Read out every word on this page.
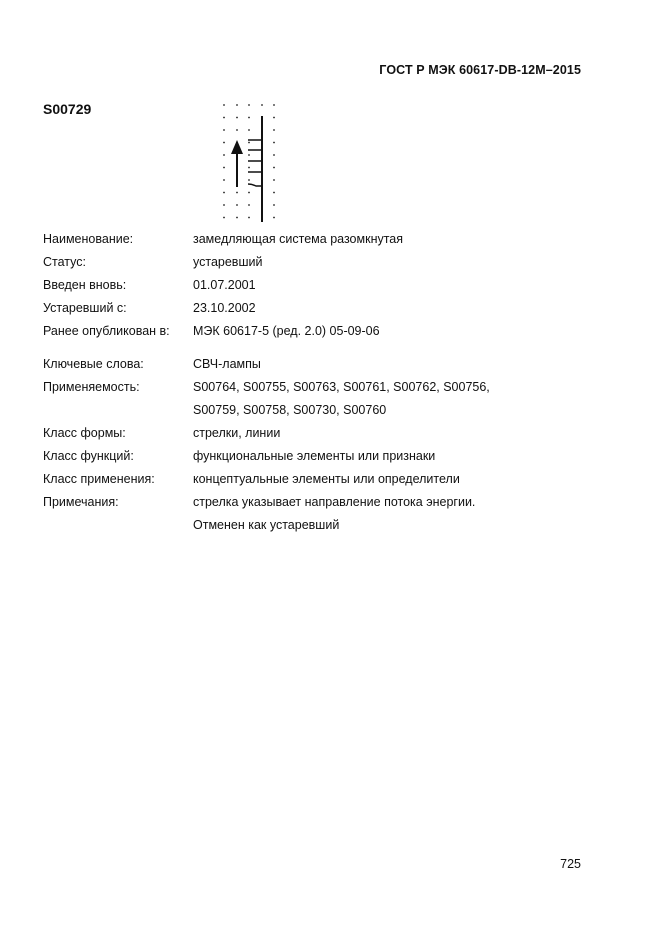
ГОСТ Р МЭК 60617-DB-12M–2015
S00729
Наименование:	замедляющая система разомкнутая
Статус:	устаревший
Введен вновь:	01.07.2001
Устаревший с:	23.10.2002
Ранее опубликован в:	МЭК 60617-5 (ред. 2.0) 05-09-06

Ключевые слова:	СВЧ-лампы
Применяемость:	S00764, S00755, S00763, S00761, S00762, S00756,
	S00759, S00758, S00730, S00760
Класс формы:	стрелки, линии
Класс функций:	функциональные элементы или признаки
Класс применения:	концептуальные элементы или определители
Примечания:	стрелка указывает направление потока энергии.
	Отменен как устаревший
725
